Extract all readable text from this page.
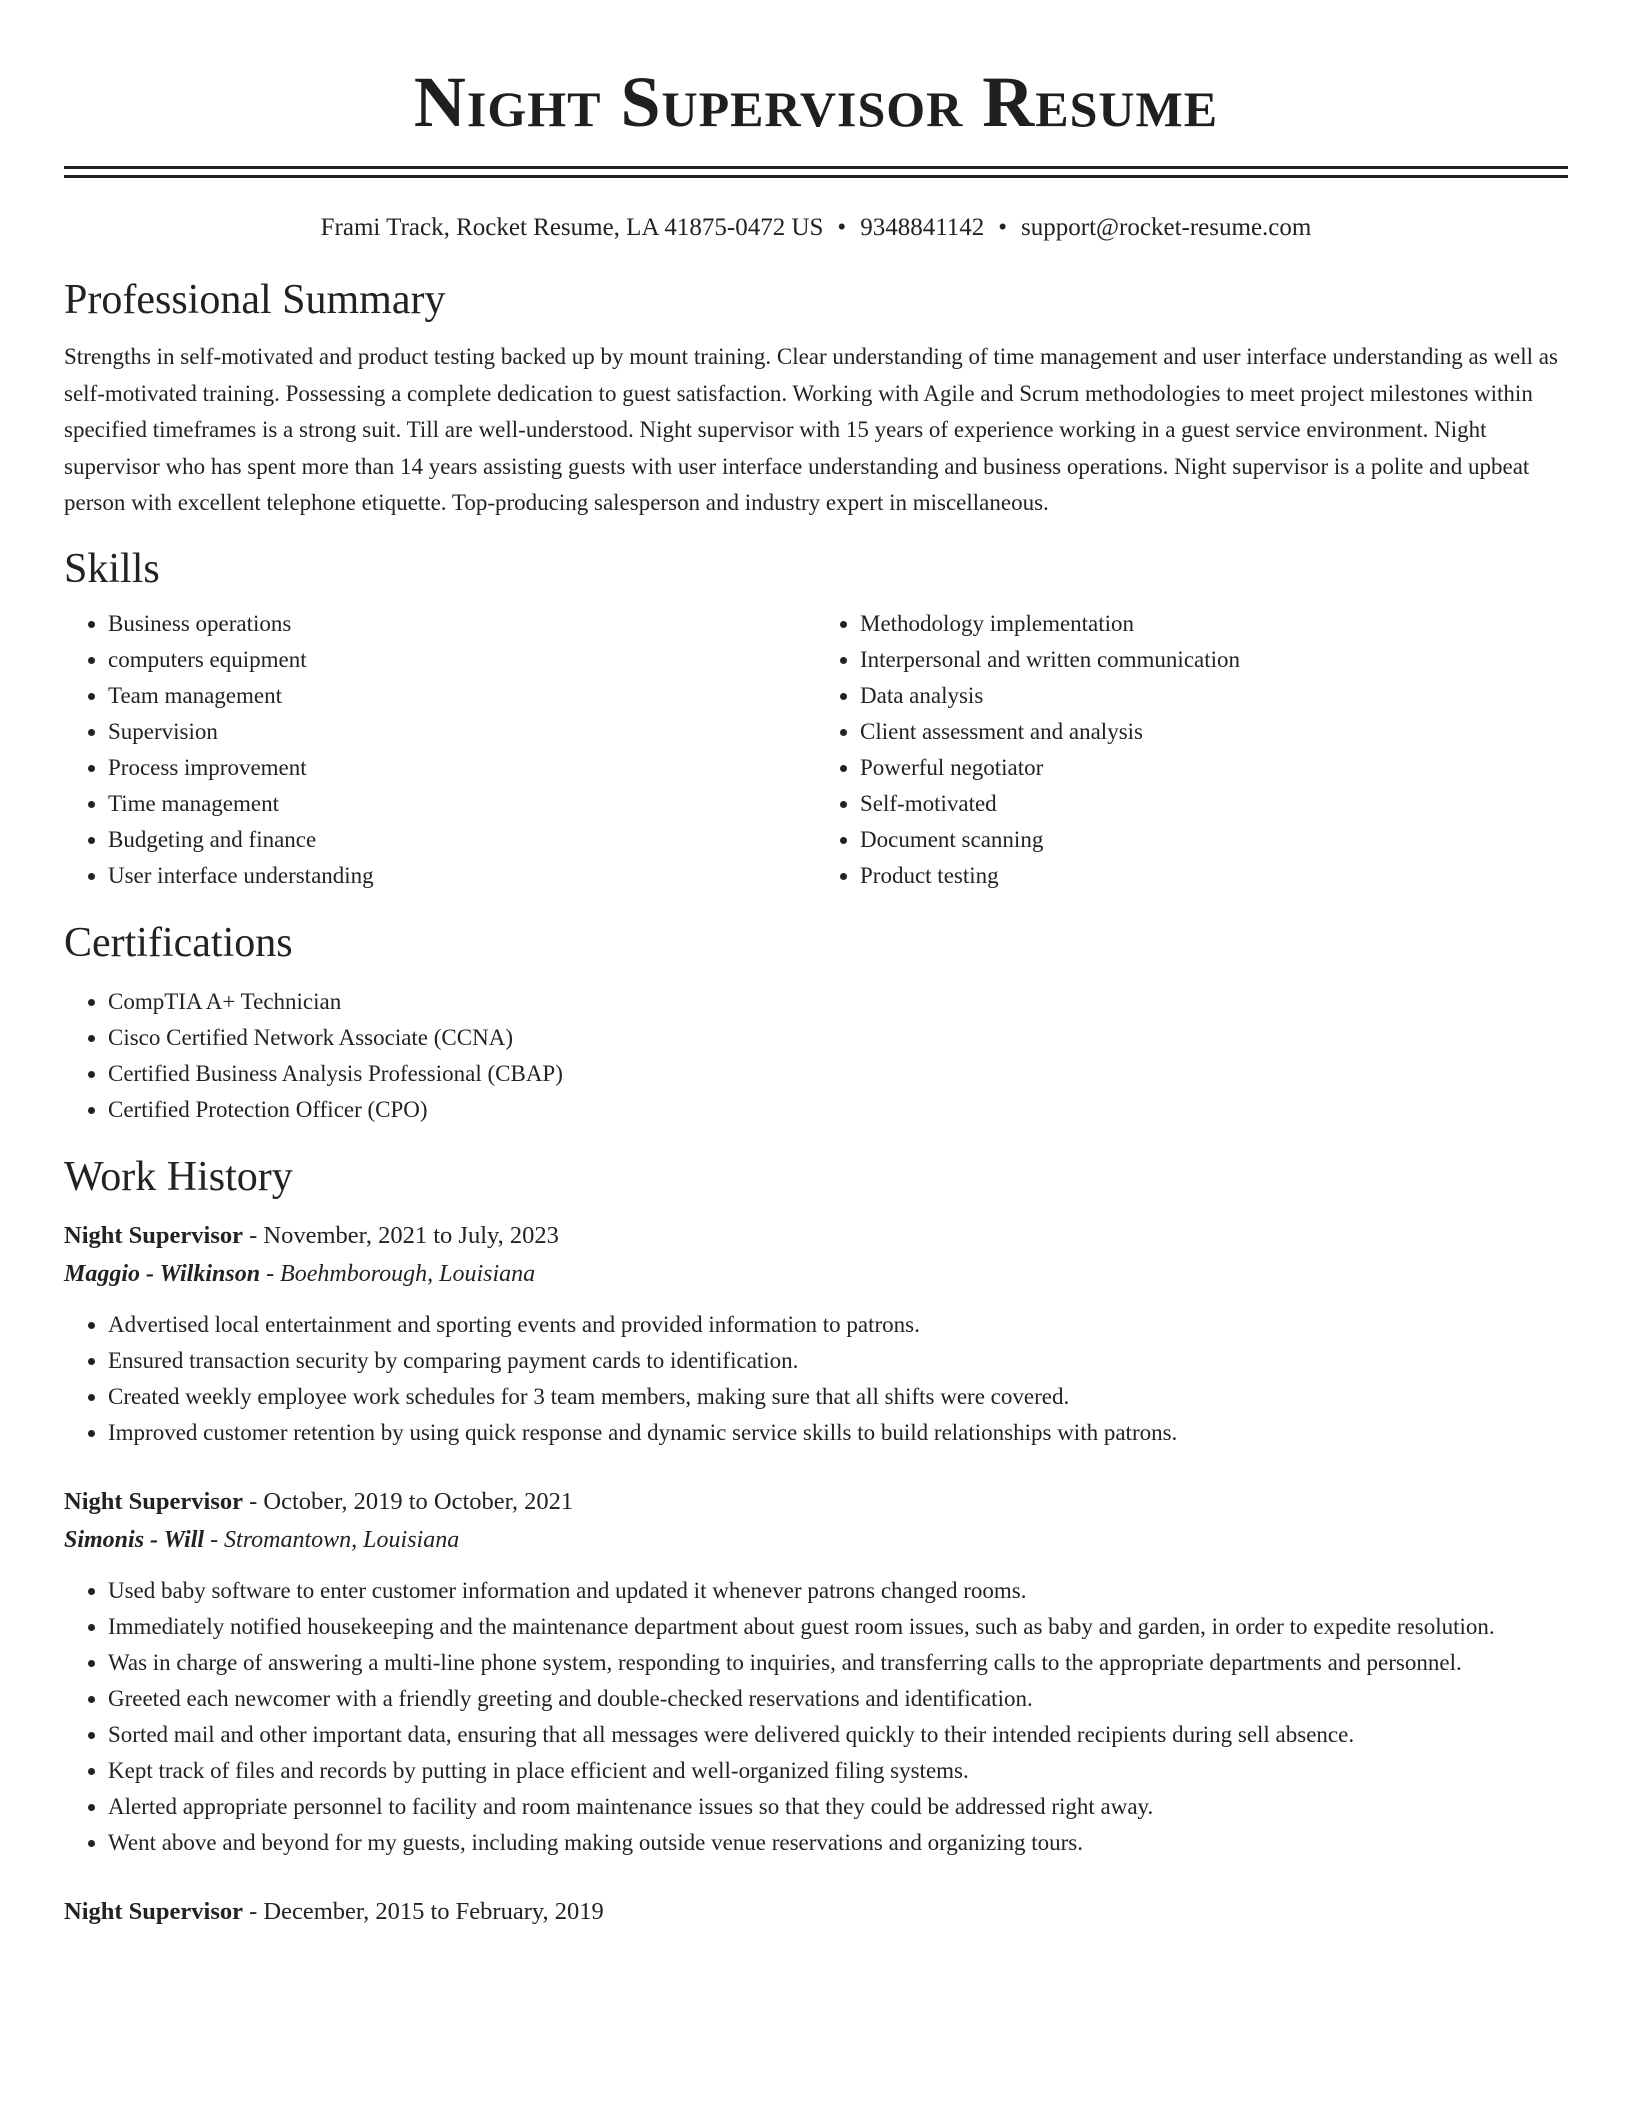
Night Supervisor Resume
Frami Track, Rocket Resume, LA 41875-0472 US • 9348841142 • support@rocket-resume.com
Professional Summary

Strengths in self-motivated and product testing backed up by mount training. Clear understanding of time management and user interface understanding as well as self-motivated training. Possessing a complete dedication to guest satisfaction. Working with Agile and Scrum methodologies to meet project milestones within specified timeframes is a strong suit. Till are well-understood. Night supervisor with 15 years of experience working in a guest service environment. Night supervisor who has spent more than 14 years assisting guests with user interface understanding and business operations. Night supervisor is a polite and upbeat person with excellent telephone etiquette. Top-producing salesperson and industry expert in miscellaneous.

Skills
• Business operations
• computers equipment
• Team management
• Supervision
• Process improvement
• Time management
• Budgeting and finance
• User interface understanding
• Methodology implementation
• Interpersonal and written communication
• Data analysis
• Client assessment and analysis
• Powerful negotiator
• Self-motivated
• Document scanning
• Product testing
Certifications
• CompTIA A+ Technician
• Cisco Certified Network Associate (CCNA)
• Certified Business Analysis Professional (CBAP)
• Certified Protection Officer (CPO)
Work History
Night Supervisor - November, 2021 to July, 2023
Maggio - Wilkinson - Boehmborough, Louisiana
• Advertised local entertainment and sporting events and provided information to patrons.
• Ensured transaction security by comparing payment cards to identification.
• Created weekly employee work schedules for 3 team members, making sure that all shifts were covered.
• Improved customer retention by using quick response and dynamic service skills to build relationships with patrons.
Night Supervisor - October, 2019 to October, 2021
Simonis - Will - Stromantown, Louisiana
• Used baby software to enter customer information and updated it whenever patrons changed rooms.
• Immediately notified housekeeping and the maintenance department about guest room issues, such as baby and garden, in order to expedite resolution.
• Was in charge of answering a multi-line phone system, responding to inquiries, and transferring calls to the appropriate departments and personnel.
• Greeted each newcomer with a friendly greeting and double-checked reservations and identification.
• Sorted mail and other important data, ensuring that all messages were delivered quickly to their intended recipients during sell absence.
• Kept track of files and records by putting in place efficient and well-organized filing systems.
• Alerted appropriate personnel to facility and room maintenance issues so that they could be addressed right away.
• Went above and beyond for my guests, including making outside venue reservations and organizing tours.
Night Supervisor - December, 2015 to February, 2019
